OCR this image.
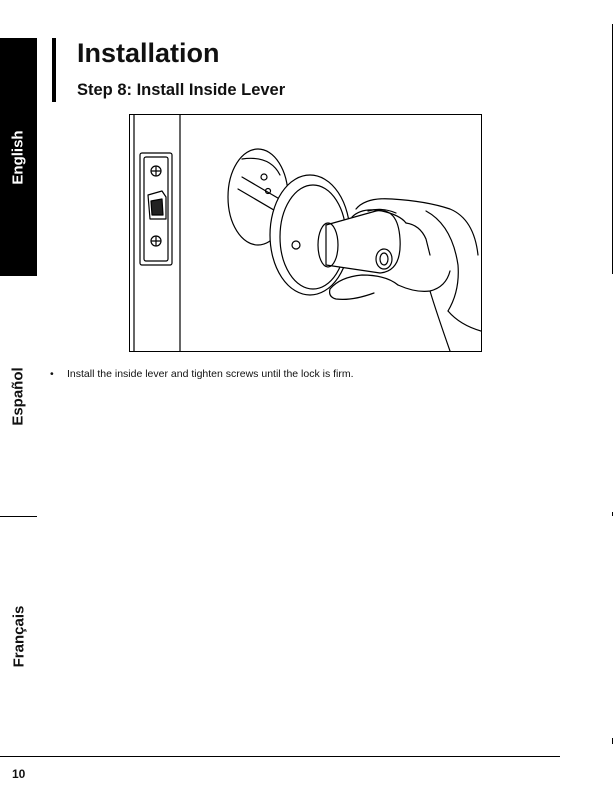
English
Español
Français
Installation
Step 8: Install Inside Lever
•	Install the inside lever and tighten screws until the lock is firm.
10
